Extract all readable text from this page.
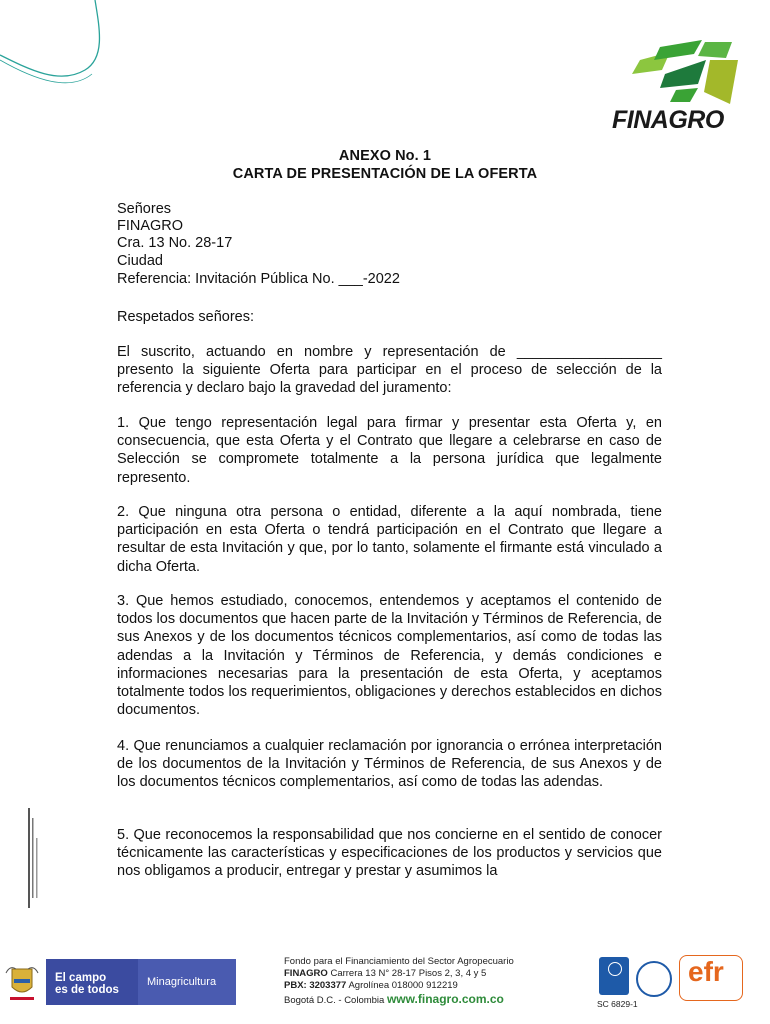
FINAGRO
ANEXO No. 1
CARTA DE PRESENTACIÓN DE LA OFERTA
Señores
FINAGRO
Cra. 13 No. 28-17
Ciudad
Referencia: Invitación Pública No. ___-2022
Respetados señores:
El suscrito, actuando en nombre y representación de __________________ presento la siguiente Oferta para participar en el proceso de selección de la referencia y declaro bajo la gravedad del juramento:
1. Que tengo representación legal para firmar y presentar esta Oferta y, en consecuencia, que esta Oferta y el Contrato que llegare a celebrarse en caso de Selección se compromete totalmente a la persona jurídica que legalmente represento.
2. Que ninguna otra persona o entidad, diferente a la aquí nombrada, tiene participación en esta Oferta o tendrá participación en el Contrato que llegare a resultar de esta Invitación y que, por lo tanto, solamente el firmante está vinculado a dicha Oferta.
3. Que hemos estudiado, conocemos, entendemos y aceptamos el contenido de todos los documentos que hacen parte de la Invitación y Términos de Referencia, de sus Anexos y de los documentos técnicos complementarios, así como de todas las adendas a la Invitación y Términos de Referencia, y demás condiciones e informaciones necesarias para la presentación de esta Oferta, y aceptamos totalmente todos los requerimientos, obligaciones y derechos establecidos en dichos documentos.
4. Que renunciamos a cualquier reclamación por ignorancia o errónea interpretación de los documentos de la Invitación y Términos de Referencia, de sus Anexos y de los documentos técnicos complementarios, así como de todas las adendas.
5. Que reconocemos la responsabilidad que nos concierne en el sentido de conocer técnicamente las características y especificaciones de los productos y servicios que nos obligamos a producir, entregar y prestar y asumimos la
El campo
es de todos
Minagricultura
Fondo para el Financiamiento del Sector Agropecuario
FINAGRO Carrera 13 N° 28-17 Pisos 2, 3, 4 y 5
PBX: 3203377 Agrolínea 018000 912219
Bogotá D.C. - Colombia www.finagro.com.co	SC 6829-1
efr
